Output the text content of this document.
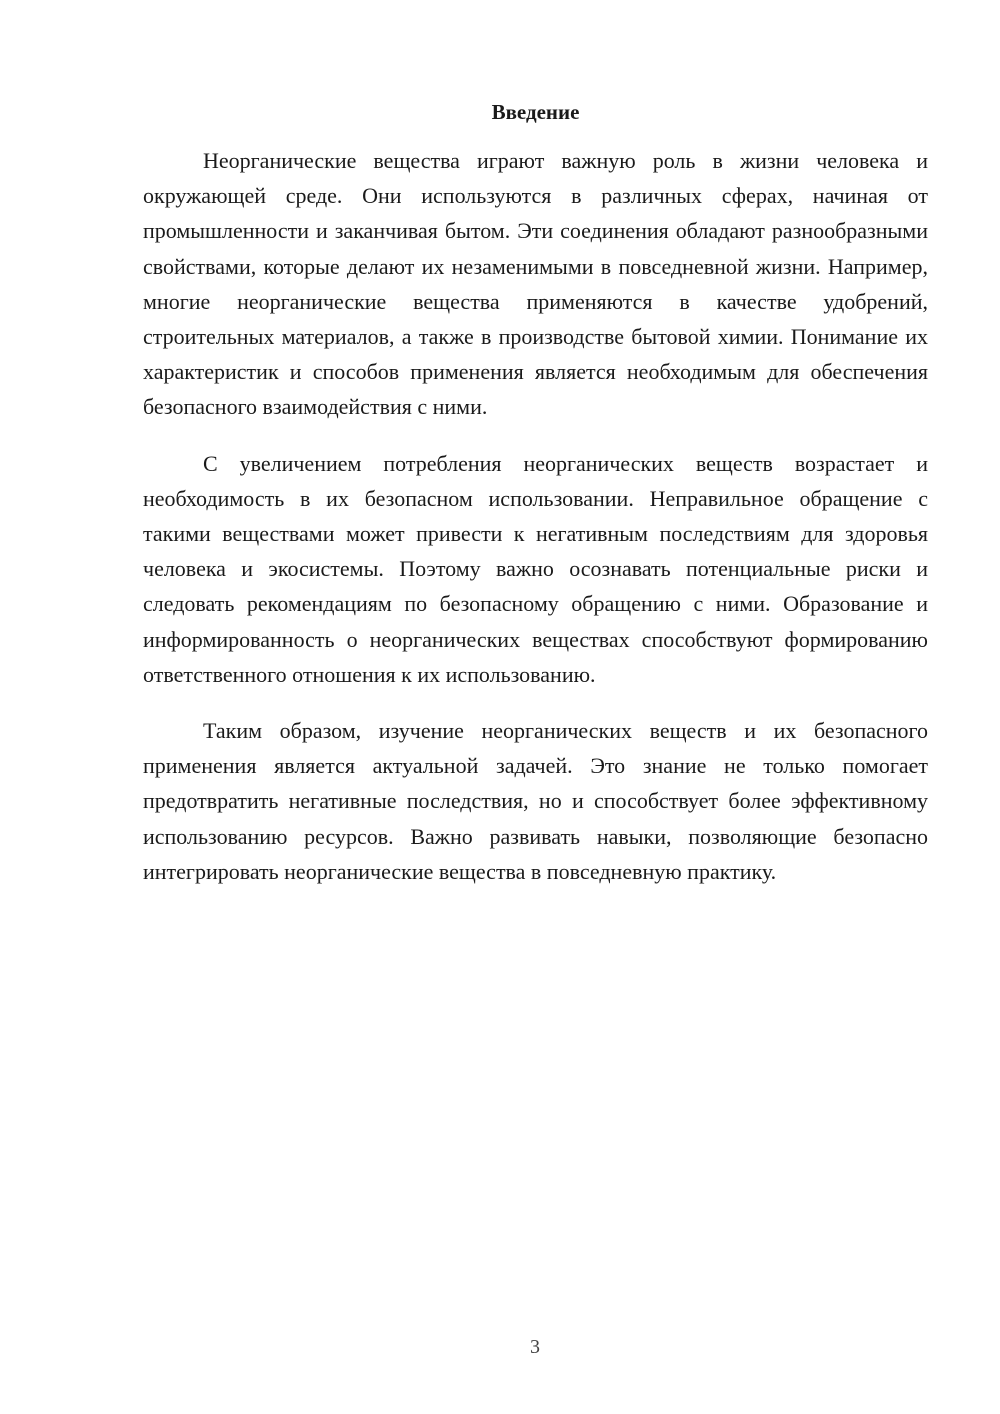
Введение

Неорганические вещества играют важную роль в жизни человека и окружающей среде. Они используются в различных сферах, начиная от промышленности и заканчивая бытом. Эти соединения обладают разнообразными свойствами, которые делают их незаменимыми в повседневной жизни. Например, многие неорганические вещества применяются в качестве удобрений, строительных материалов, а также в производстве бытовой химии. Понимание их характеристик и способов применения является необходимым для обеспечения безопасного взаимодействия с ними.

С увеличением потребления неорганических веществ возрастает и необходимость в их безопасном использовании. Неправильное обращение с такими веществами может привести к негативным последствиям для здоровья человека и экосистемы. Поэтому важно осознавать потенциальные риски и следовать рекомендациям по безопасному обращению с ними. Образование и информированность о неорганических веществах способствуют формированию ответственного отношения к их использованию.

Таким образом, изучение неорганических веществ и их безопасного применения является актуальной задачей. Это знание не только помогает предотвратить негативные последствия, но и способствует более эффективному использованию ресурсов. Важно развивать навыки, позволяющие безопасно интегрировать неорганические вещества в повседневную практику.

3
